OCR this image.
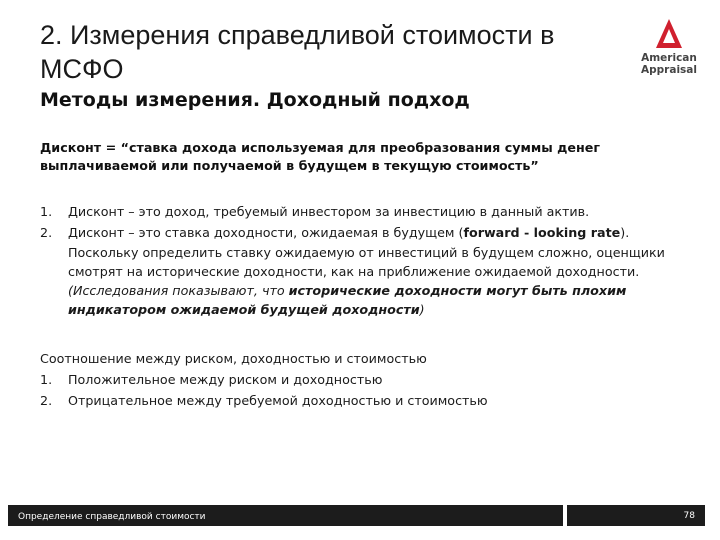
2. Измерения справедливой стоимости в МСФО
Методы измерения. Доходный подход
American
Appraisal

Дисконт = “ставка дохода используемая для преобразования суммы денег выплачиваемой или получаемой в будущем в текущую стоимость”

1 .	Дисконт – это доход, требуемый инвестором за инвестицию в данный актив.
2 .	Дисконт – это ставка доходности, ожидаемая в будущем (forward - looking rate). Поскольку определить ставку ожидаемую от инвестиций в будущем сложно, оценщики смотрят на исторические доходности, как на приближение ожидаемой доходности. (Исследования показывают, что исторические доходности могут быть плохим индикатором ожидаемой будущей доходности)

Соотношение между риском, доходностью и стоимостью

1 .	Положительное между риском и доходностью
2 .	Отрицательное между требуемой доходностью и стоимостью
Определение справедливой стоимости	78
